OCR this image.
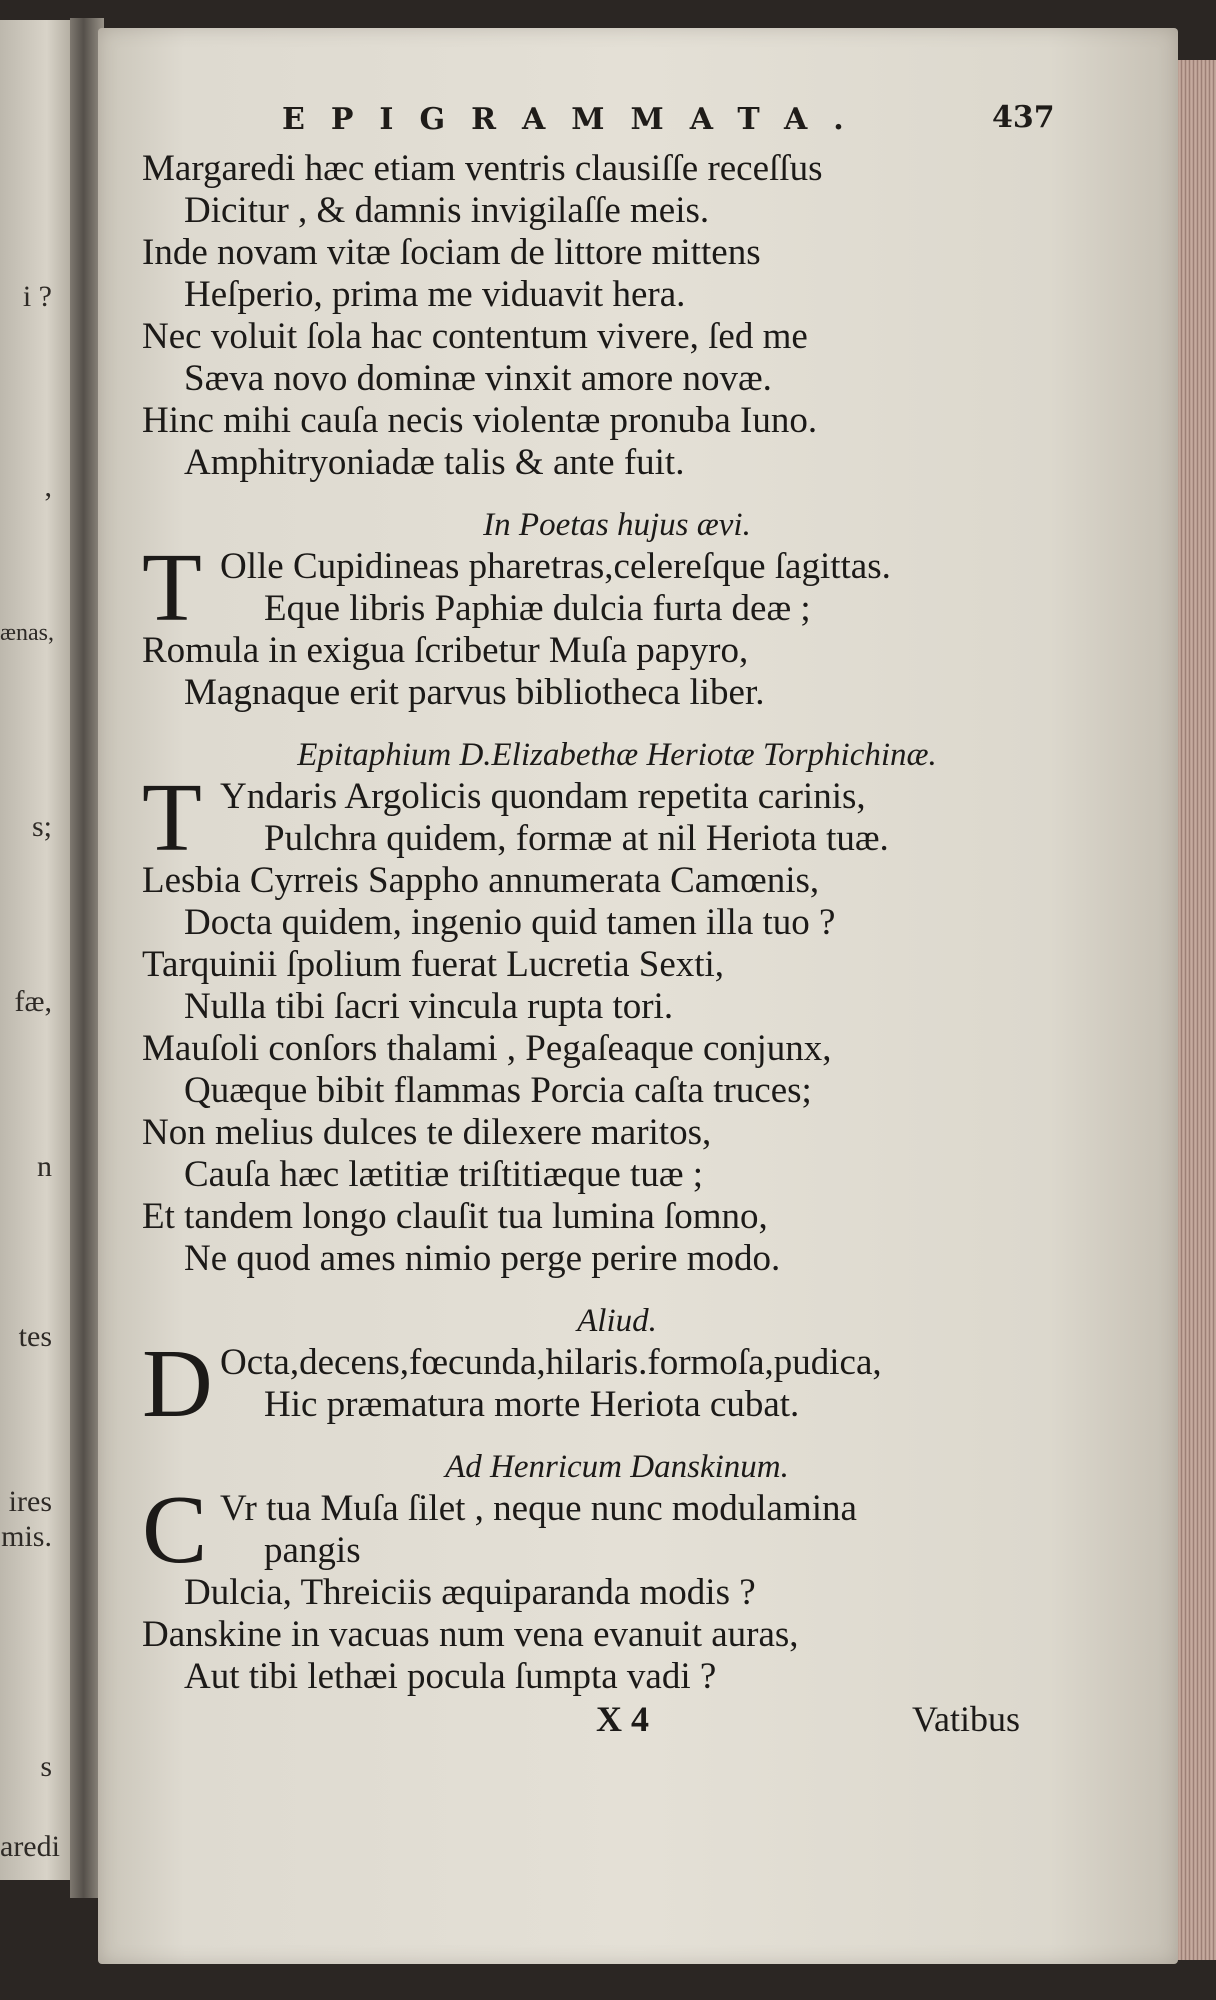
i ?
,
ænas,
s;
fæ,
n
tes
ires
mis.
s
aredi
EPIGRAMMATA.	437
Margaredi hæc etiam ventris clausiſſe receſſus
Dicitur , & damnis invigilaſſe meis.
Inde novam vitæ ſociam de littore mittens
Heſperio, prima me viduavit hera.
Nec voluit ſola hac contentum vivere, ſed me
Sæva novo dominæ vinxit amore novæ.
Hinc mihi cauſa necis violentæ pronuba Iuno.
Amphitryoniadæ talis & ante fuit.
In Poetas hujus ævi.
T Olle Cupidineas pharetras,celereſque ſagittas.
Eque libris Paphiæ dulcia furta deæ ;
Romula in exigua ſcribetur Muſa papyro,
Magnaque erit parvus bibliotheca liber.
Epitaphium D.Elizabethæ Heriotæ Torphichinæ.
T Yndaris Argolicis quondam repetita carinis,
Pulchra quidem, formæ at nil Heriota tuæ.
Lesbia Cyrreis Sappho annumerata Camœnis,
Docta quidem, ingenio quid tamen illa tuo ?
Tarquinii ſpolium fuerat Lucretia Sexti,
Nulla tibi ſacri vincula rupta tori.
Mauſoli conſors thalami , Pegaſeaque conjunx,
Quæque bibit flammas Porcia caſta truces;
Non melius dulces te dilexere maritos,
Cauſa hæc lætitiæ triſtitiæque tuæ ;
Et tandem longo clauſit tua lumina ſomno,
Ne quod ames nimio perge perire modo.
Aliud.
D Octa,decens,fœcunda,hilaris.formoſa,pudica,
Hic præmatura morte Heriota cubat.
Ad Henricum Danskinum.
C Vr tua Muſa ſilet , neque nunc modulamina
pangis
Dulcia, Threiciis æquiparanda modis ?
Danskine in vacuas num vena evanuit auras,
Aut tibi lethæi pocula ſumpta vadi ?
X 4	Vatibus
